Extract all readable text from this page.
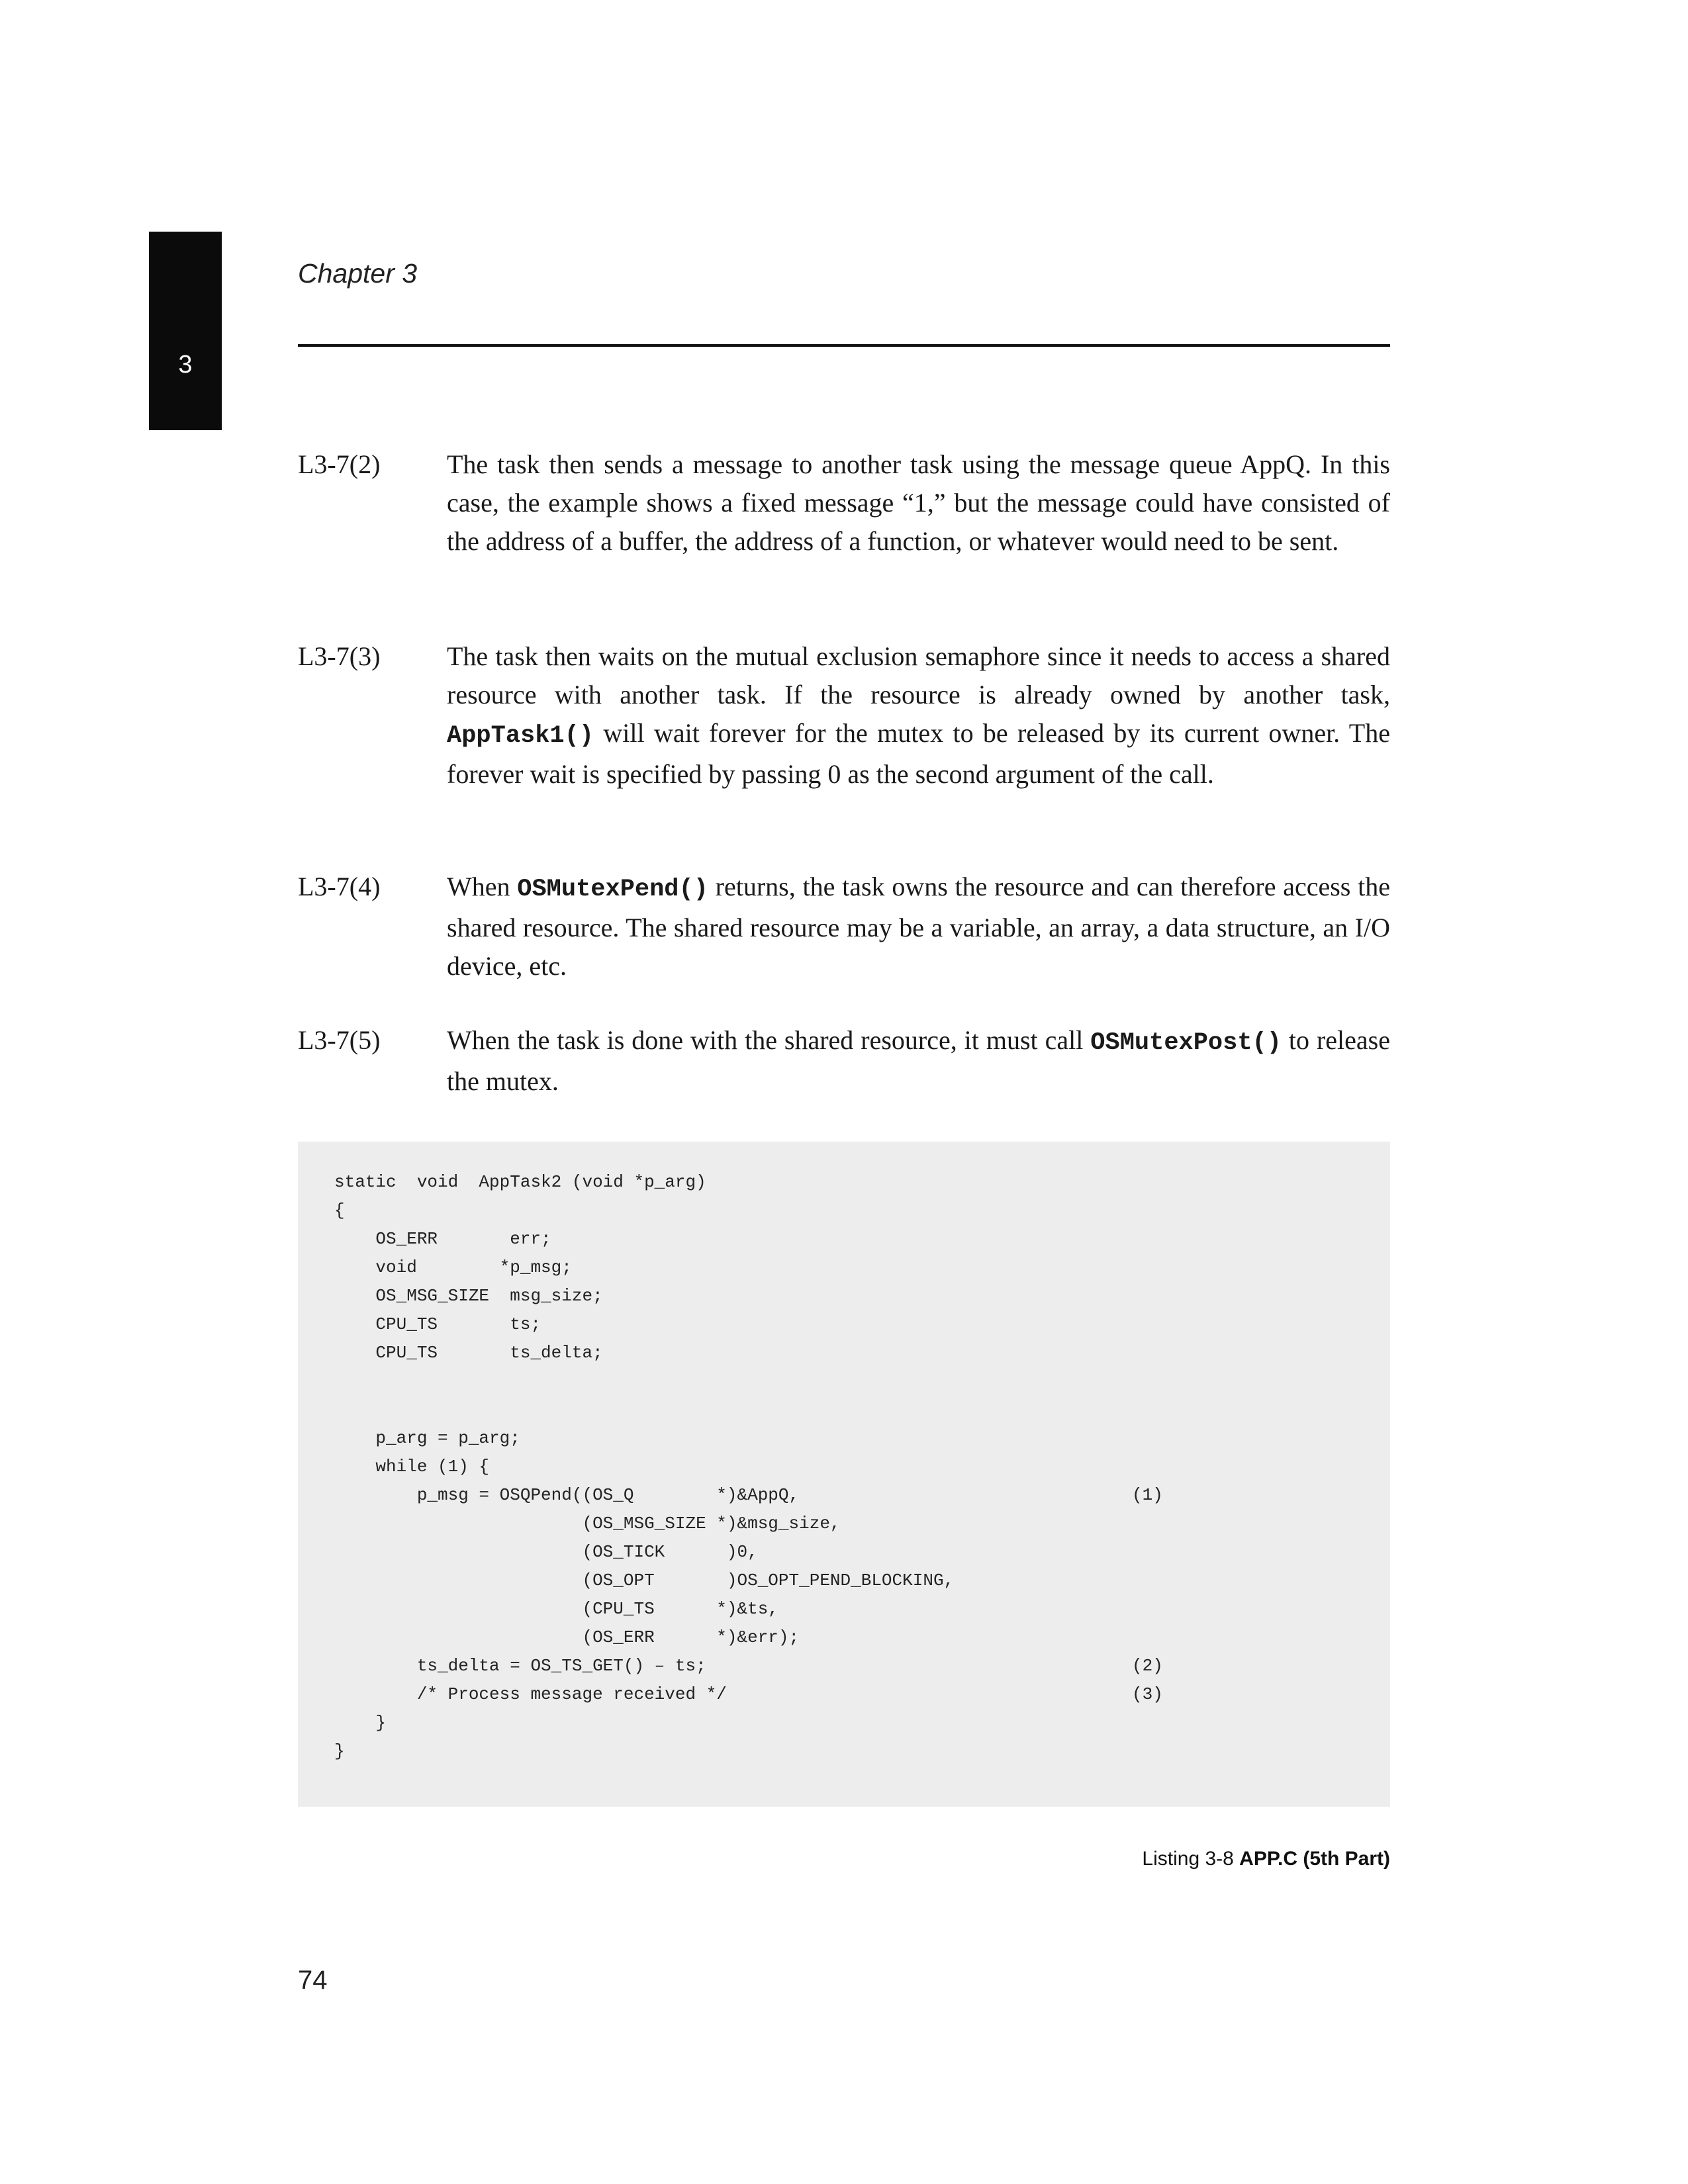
3
Chapter 3
L3-7(2)	The task then sends a message to another task using the message queue AppQ. In this case, the example shows a fixed message “1,” but the message could have consisted of the address of a buffer, the address of a function, or whatever would need to be sent.
L3-7(3)	The task then waits on the mutual exclusion semaphore since it needs to access a shared resource with another task. If the resource is already owned by another task, AppTask1() will wait forever for the mutex to be released by its current owner. The forever wait is specified by passing 0 as the second argument of the call.
L3-7(4)	When OSMutexPend() returns, the task owns the resource and can therefore access the shared resource. The shared resource may be a variable, an array, a data structure, an I/O device, etc.
L3-7(5)	When the task is done with the shared resource, it must call OSMutexPost() to release the mutex.
static  void  AppTask2 (void *p_arg)
{
OS_ERR       err;
void        *p_msg;
OS_MSG_SIZE  msg_size;
CPU_TS       ts;
CPU_TS       ts_delta;
p_arg = p_arg;
while (1) {
p_msg = OSQPend((OS_Q        *)&AppQ,
(OS_MSG_SIZE *)&msg_size,
(OS_TICK      )0,
(OS_OPT       )OS_OPT_PEND_BLOCKING,
(CPU_TS      *)&ts,
(OS_ERR      *)&err);
ts_delta = OS_TS_GET() – ts;
/* Process message received */
}
}
(1)
(2)
(3)
Listing 3-8 APP.C (5th Part)
74
